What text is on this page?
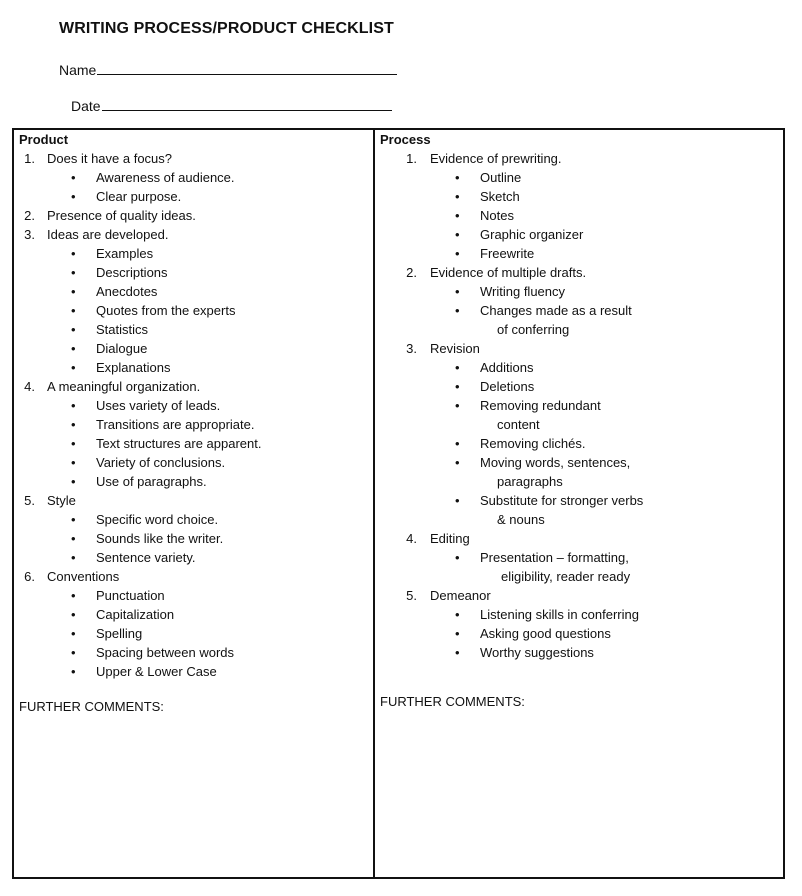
WRITING PROCESS/PRODUCT CHECKLIST
Name
Date
Product
1. Does it have a focus?
• Awareness of audience.
• Clear purpose.
2. Presence of quality ideas.
3. Ideas are developed.
• Examples
• Descriptions
• Anecdotes
• Quotes from the experts
• Statistics
• Dialogue
• Explanations
4. A meaningful organization.
• Uses variety of leads.
• Transitions are appropriate.
• Text structures are apparent.
• Variety of conclusions.
• Use of paragraphs.
5. Style
• Specific word choice.
• Sounds like the writer.
• Sentence variety.
6. Conventions
• Punctuation
• Capitalization
• Spelling
• Spacing between words
• Upper & Lower Case
FURTHER COMMENTS:
Process
1. Evidence of prewriting.
• Outline
• Sketch
• Notes
• Graphic organizer
• Freewrite
2. Evidence of multiple drafts.
• Writing fluency
• Changes made as a result
of conferring
3. Revision
• Additions
• Deletions
• Removing redundant
content
• Removing clichés.
• Moving words, sentences,
paragraphs
• Substitute for stronger verbs
& nouns
4. Editing
• Presentation – formatting,
eligibility, reader ready
5. Demeanor
• Listening skills in conferring
• Asking good questions
• Worthy suggestions
FURTHER COMMENTS:
